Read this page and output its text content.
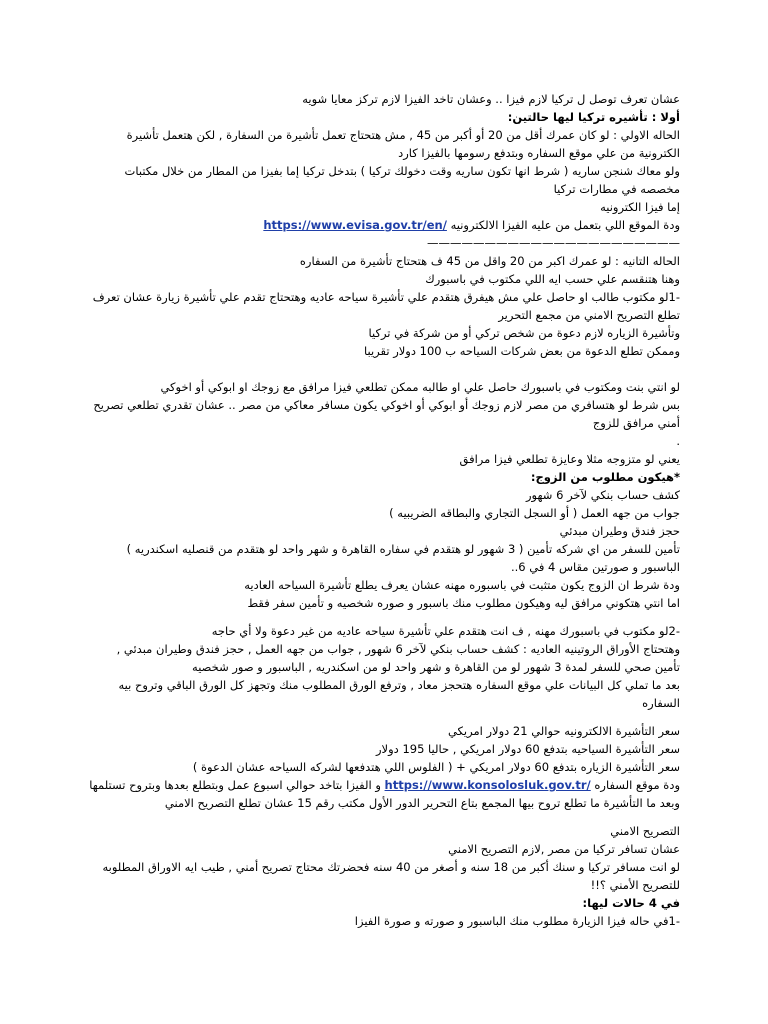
عشان تعرف توصل ل تركيا لازم فيزا .. وعشان تاخد الفيزا لازم تركز معايا شويه
أولا : تأشيره تركيا ليها حالتين:
الحاله الاولي : لو كان عمرك أقل من 20 أو أكبر من 45 , مش هتحتاج تعمل تأشيرة من السفارة , لكن هتعمل تأشيرة الكترونية من علي موقع السفاره وبتدفع رسومها بالفيزا كارد
ولو معاك شنجن ساريه ( شرط انها تكون ساريه وقت دخولك تركيا ) بتدخل تركيا إما بفيزا من المطار من خلال مكتبات مخصصه في مطارات تركيا
إما فيزا الكترونيه
ودة الموقع اللي بتعمل من عليه الفيزا الالكترونيه https://www.evisa.gov.tr/en/
——————————————————————
الحاله التانيه : لو عمرك اكبر من 20 واقل من 45 ف هتحتاج تأشيرة من السفاره
وهنا هتنقسم علي حسب ايه اللي مكتوب في باسبورك
-1لو مكتوب طالب او حاصل علي مش هيفرق هتقدم علي تأشيرة سياحه عاديه وهتحتاج تقدم علي تأشيرة زيارة عشان تعرف تطلع التصريح الامني من مجمع التحرير
وتأشيرة الزياره لازم دعوة من شخص تركي أو من شركة في تركيا
وممكن تطلع الدعوة من بعض شركات السياحه ب 100 دولار تقريبا
لو انتي بنت ومكتوب في باسبورك حاصل علي او طالبه ممكن تطلعي فيزا مرافق مع زوجك او ابوكي أو اخوكي
بس شرط لو هتسافري من مصر لازم زوجك أو ابوكي أو اخوكي يكون مسافر معاكي من مصر .. عشان تقدري تطلعي تصريح أمني مرافق للزوج
.
يعني لو متزوجه مثلا وعايزة تطلعي فيزا مرافق
*هيكون مطلوب من الزوج:
كشف حساب بنكي لآخر 6 شهور
جواب من جهه العمل ( أو السجل التجاري والبطاقه الضريبيه )
حجز فندق وطيران مبدئي
تأمين للسفر من اي شركه تأمين ( 3 شهور لو هتقدم في سفاره القاهرة و شهر واحد لو هتقدم من قنصليه اسكندريه )
الباسبور و صورتين مقاس 4 في 6..
ودة شرط ان الزوج يكون متثبت في باسبوره مهنه عشان يعرف يطلع تأشيرة السياحه العاديه
اما انتي هتكوني مرافق ليه وهيكون مطلوب منك باسبور و صوره شخصيه و تأمين سفر فقط
-2لو مكتوب في باسبورك مهنه , ف انت هتقدم علي تأشيرة سياحه عاديه من غير دعوة ولا أي حاجه
وهتحتاج الأوراق الروتينيه العاديه : كشف حساب بنكي لآخر 6 شهور , جواب من جهه العمل , حجز فندق وطيران مبدئي , تأمين صحي للسفر لمدة 3 شهور لو من القاهرة و شهر واحد لو من اسكندريه , الباسبور و صور شخصيه
بعد ما تملي كل البيانات علي موقع السفاره هتحجز معاد , وترفع الورق المطلوب منك وتجهز كل الورق الباقي وتروح بيه السفاره
سعر التأشيرة الالكترونيه حوالي 21 دولار امريكي
سعر التأشيرة السياحيه بتدفع 60 دولار امريكي , حاليا 195 دولار
سعر التأشيرة الزياره بتدفع 60 دولار امريكي + ( الفلوس اللي هتدفعها لشركه السياحه عشان الدعوة )
ودة موقع السفاره https://www.konsolosluk.gov.tr/ و الفيزا بتاخد حوالي اسبوع عمل وبتطلع بعدها وبتروح تستلمها
وبعد ما التأشيرة ما تطلع تروح بيها المجمع بتاع التحرير الدور الأول مكتب رقم 15 عشان تطلع التصريح الامني
التصريح الامني
عشان تسافر تركيا من مصر ,لازم التصريح الامني
لو انت مسافر تركيا و سنك أكبر من 18 سنه و أصغر من 40 سنه فحضرتك محتاج تصريح أمني , طيب ايه الاوراق المطلوبه للتصريح الأمني ؟!!
في 4 حالات ليها:
-1في حاله فيزا الزيارة مطلوب منك الباسبور و صورته و صورة الفيزا
